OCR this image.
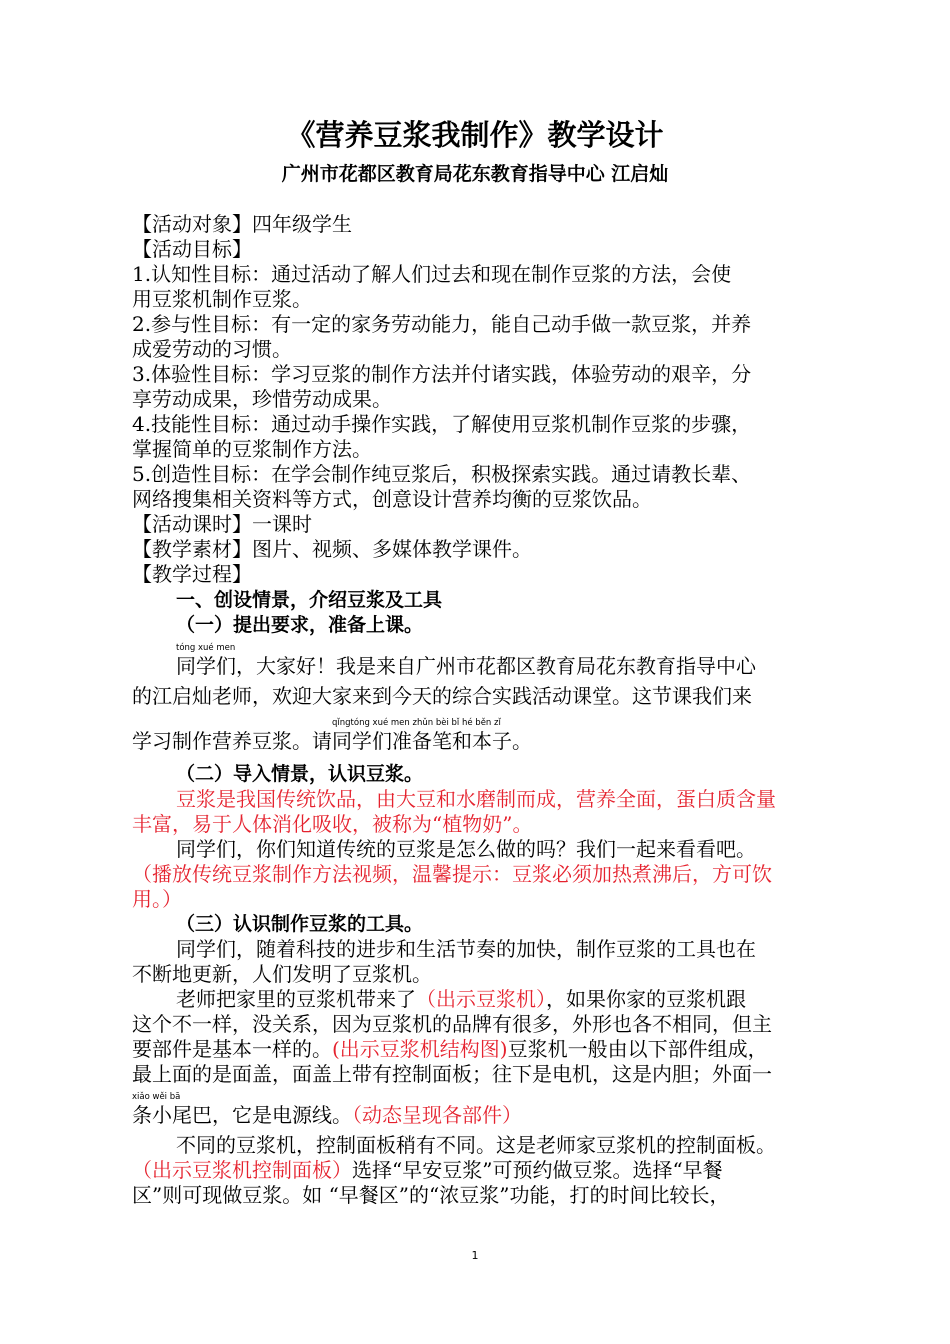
《营养豆浆我制作》教学设计
广州市花都区教育局花东教育指导中心 江启灿
【活动对象】四年级学生
【活动目标】
1.认知性目标：通过活动了解人们过去和现在制作豆浆的方法，会使
用豆浆机制作豆浆。
2.参与性目标：有一定的家务劳动能力，能自己动手做一款豆浆，并养
成爱劳动的习惯。
3.体验性目标：学习豆浆的制作方法并付诸实践，体验劳动的艰辛，分
享劳动成果，珍惜劳动成果。
4.技能性目标：通过动手操作实践，了解使用豆浆机制作豆浆的步骤，
掌握简单的豆浆制作方法。
5.创造性目标：在学会制作纯豆浆后，积极探索实践。通过请教长辈、
网络搜集相关资料等方式，创意设计营养均衡的豆浆饮品。
【活动课时】一课时
【教学素材】图片、视频、多媒体教学课件。
【教学过程】
一、创设情景，介绍豆浆及工具
（一）提出要求，准备上课。
tóng xué men
同学们，大家好！我是来自广州市花都区教育局花东教育指导中心
的江启灿老师，欢迎大家来到今天的综合实践活动课堂。这节课我们来
qǐngtóng xué men zhǔn bèi bǐ hé běn zǐ
学习制作营养豆浆。请同学们准备笔和本子。
（二）导入情景，认识豆浆。
豆浆是我国传统饮品，由大豆和水磨制而成，营养全面，蛋白质含量
丰富，易于人体消化吸收，被称为“植物奶”。
同学们，你们知道传统的豆浆是怎么做的吗？我们一起来看看吧。
（播放传统豆浆制作方法视频，温馨提示：豆浆必须加热煮沸后，方可饮
用。）
（三）认识制作豆浆的工具。
同学们，随着科技的进步和生活节奏的加快，制作豆浆的工具也在
不断地更新，人们发明了豆浆机。
老师把家里的豆浆机带来了（出示豆浆机），如果你家的豆浆机跟
这个不一样，没关系，因为豆浆机的品牌有很多，外形也各不相同，但主
要部件是基本一样的。(出示豆浆机结构图)豆浆机一般由以下部件组成，
最上面的是面盖，面盖上带有控制面板；往下是电机，这是内胆；外面一
xiǎo wěi bā
条小尾巴，它是电源线。（动态呈现各部件）
不同的豆浆机，控制面板稍有不同。这是老师家豆浆机的控制面板。
（出示豆浆机控制面板）选择“早安豆浆”可预约做豆浆。选择“早餐
区”则可现做豆浆。如 “早餐区”的“浓豆浆”功能，打的时间比较长，
1
